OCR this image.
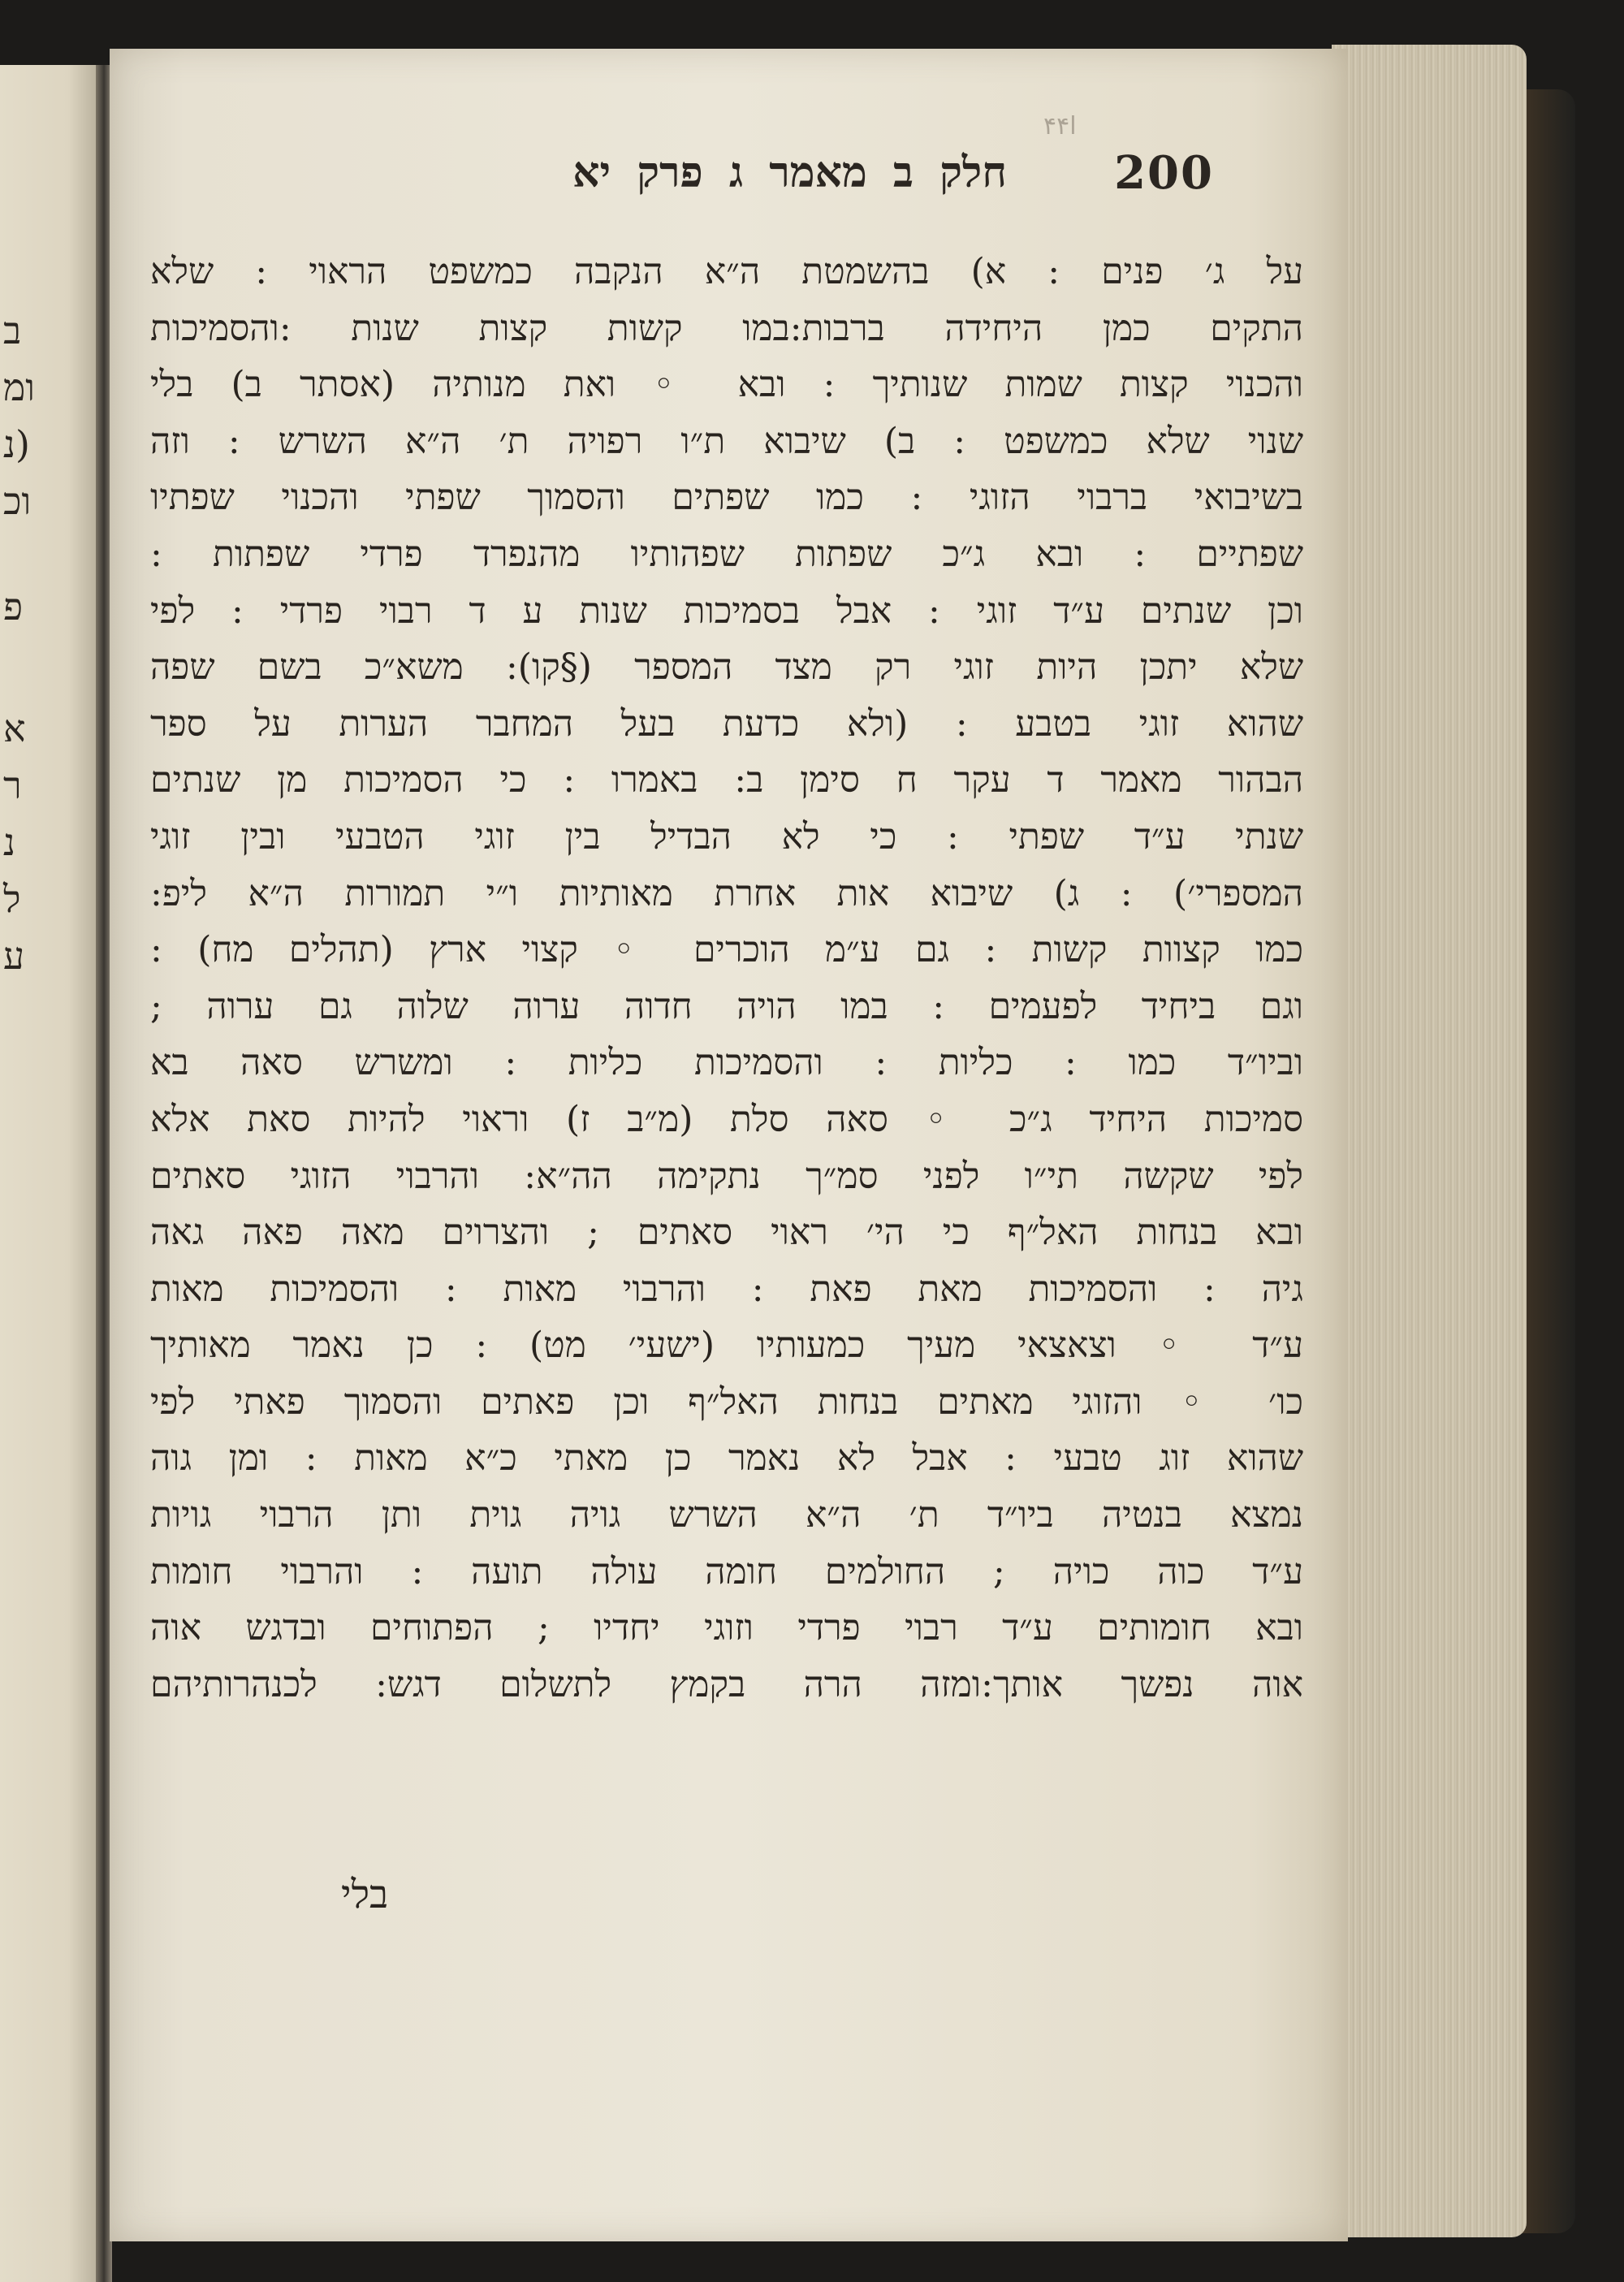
ב
ומ
(נ
וכ
פ
א
ר
נ
ל
ע
ا۴۴
200
חלק ב מאמר ג פרק יא
על ג׳ פנים : א) בהשמטת ה״א הנקבה כמשפט הראוי : שלא
התקים כמן היחידה ברבות:במו קשות קצות שנות :והסמיכות
והכנוי קצות שמות שנותיך : ובא ◦ ואת מנותיה (אסתר ב) בלי
שנוי שלא כמשפט : ב) שיבוא ת״ו רפויה ת׳ ה״א השרש : וזה
בשיבואי ברבוי הזוגי : כמו שפתים והסמוך שפתי והכנוי שפתיו
שפתיים : ובא ג״כ שפתות שפהותיו מהנפרד פרדי שפתות :
וכן שנתים ע״ד זוגי : אבל בסמיכות שנות ע ד רבוי פרדי : לפי
שלא יתכן היות זוגי רק מצד המספר (§קו): משא״כ בשם שפה
שהוא זוגי בטבע : (ולא כדעת בעל המחבר הערות על ספר
הבהור מאמר ד עקר ח סימן ב: באמרו : כי הסמיכות מן שנתים
שנתי ע״ד שפתי : כי לא הבדיל בין זוגי הטבעי ובין זוגי
המספרי׳) : ג) שיבוא אות אחרת מאותיות ו״י תמורות ה״א ליפ:
כמו קצוות קשות : גם ע״מ הוכרים ◦ קצוי ארץ (תהלים מח) :
וגם ביחיד לפעמים : במו הויה חדוה ערוה שלוה גם ערוה ;
וביו״ד כמו : כליות : והסמיכות כליות : ומשרש סאה בא
סמיכות היחיד ג״כ ◦ סאה סלת (מ״ב ז) וראוי להיות סאת אלא
לפי שקשה תי״ו לפני סמ״ך נתקימה הה״א: והרבוי הזוגי סאתים
ובא בנחות האל״ף כי הי׳ ראוי סאתים ; והצרוים מאה פאה גאה
גיה : והסמיכות מאת פאת : והרבוי מאות : והסמיכות מאות
ע״ד ◦ וצאצאי מעיך כמעותיו (ישעי׳ מט) : כן נאמר מאותיך
כו׳ ◦ והזוגי מאתים בנחות האל״ף וכן פאתים והסמוך פאתי לפי
שהוא זוג טבעי : אבל לא נאמר כן מאתי כ״א מאות : ומן גוה
נמצא בנטיה ביו״ד ת׳ ה״א השרש גויה גוית ותן הרבוי גויות
ע״ד כוה כויה ; החולמים חומה עולה תועה : והרבוי חומות
ובא חומותים ע״ד רבוי פרדי וזוגי יחדיו ; הפתוחים ובדגש אוה
אוה נפשך אותך:ומזה הרה בקמץ לתשלום דגש: לכנהרותיהם
בלי
